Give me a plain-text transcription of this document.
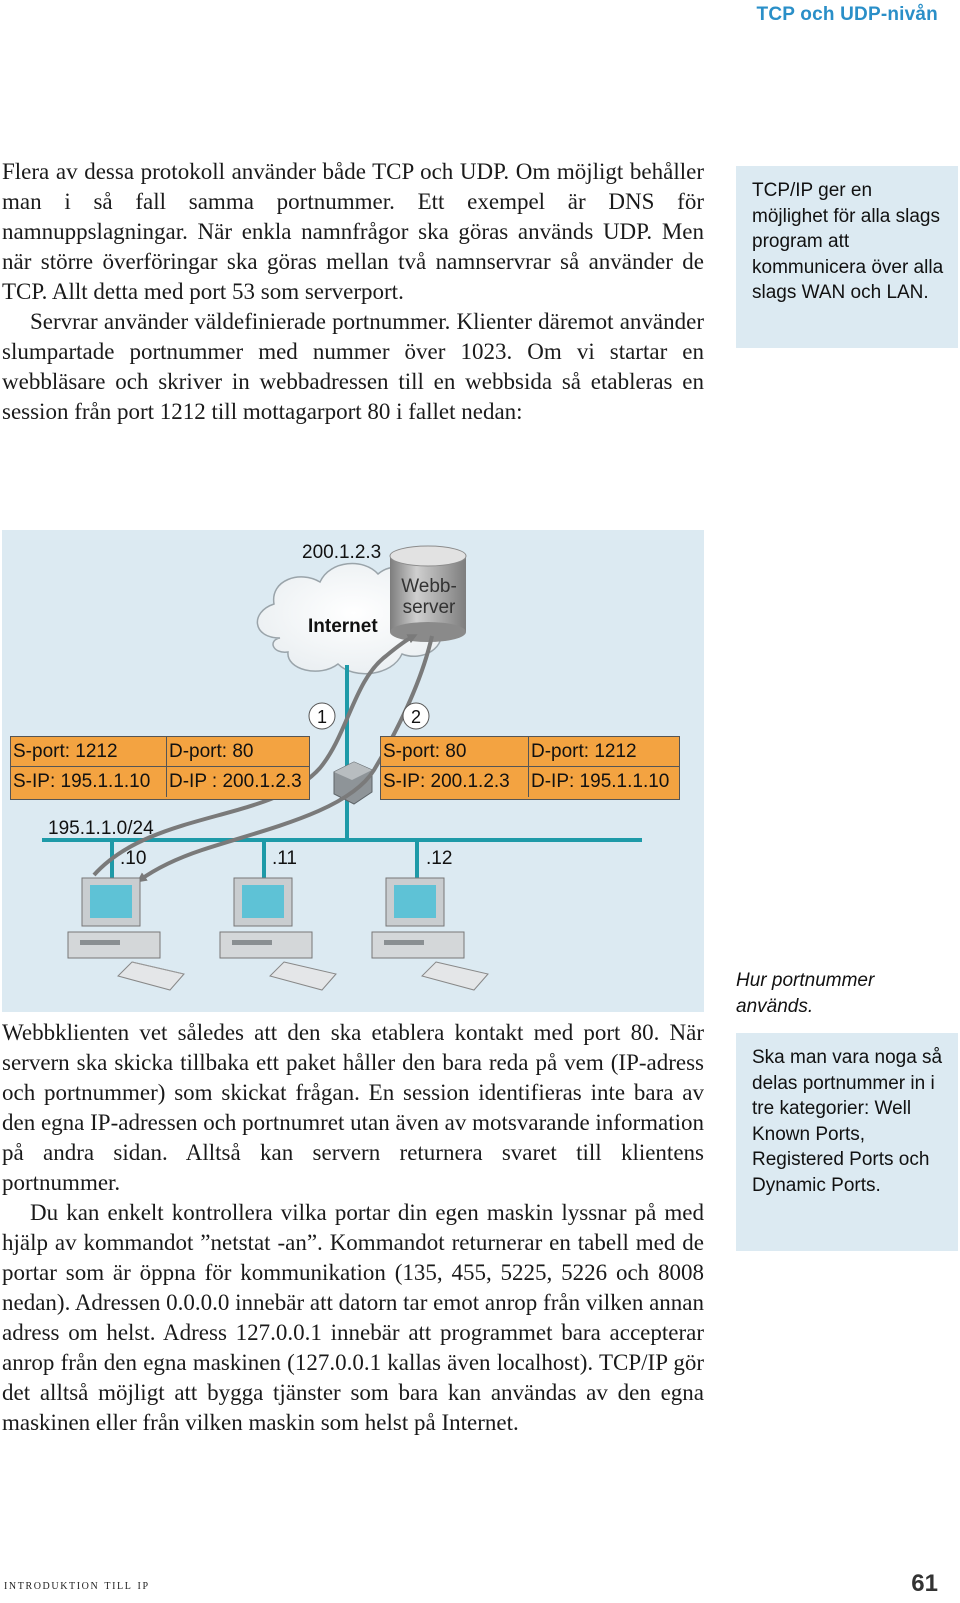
TCP och UDP-nivån

Flera av dessa protokoll använder både TCP och UDP. Om möjligt behåller man i så fall samma portnummer. Ett exempel är DNS för namnuppslagningar. När enkla namnfrågor ska göras används UDP. Men när större överföringar ska göras mellan två namnservrar så använder de TCP. Allt detta med port 53 som serverport.

Servrar använder väldefinierade portnummer. Klienter däremot använder slumpartade portnummer med nummer över 1023. Om vi startar en webbläsare och skriver in webbadressen till en webbsida så etableras en session från port 1212 till mottagarport 80 i fallet nedan:

TCP/IP ger en möjlighet för alla slags program att kommunicera över alla slags WAN och LAN.
1	2
200.1.2.3
Internet
Webb-
server
S-port: 1212	D-port: 80
S-IP: 195.1.1.10 D-IP : 200.1.2.3
S-port: 80	D-port: 1212
S-IP: 200.1.2.3	D-IP: 195.1.1.10
195.1.1.0/24
.10	.11	.12
Hur portnummer
används.

Webbklienten vet således att den ska etablera kontakt med port 80. När servern ska skicka tillbaka ett paket håller den bara reda på vem (IP-adress och portnummer) som skickat frågan. En session identifieras inte bara av den egna IP-adressen och portnumret utan även av motsvarande information på andra sidan. Alltså kan servern returnera svaret till klientens portnummer.

Du kan enkelt kontrollera vilka portar din egen maskin lyssnar på med hjälp av kommandot ”netstat -an”. Kommandot returnerar en tabell med de portar som är öppna för kommunikation (135, 455, 5225, 5226 och 8008 nedan). Adressen 0.0.0.0 innebär att datorn tar emot anrop från vilken annan adress om helst. Adress 127.0.0.1 innebär att programmet bara accepterar anrop från den egna maskinen (127.0.0.1 kallas även localhost). TCP/IP gör det alltså möjligt att bygga tjänster som bara kan användas av den egna maskinen eller från vilken maskin som helst på Internet.

Ska man vara noga så delas portnummer in i tre kategorier: Well Known Ports, Registered Ports och Dynamic Ports.
introduktion till ip	61
